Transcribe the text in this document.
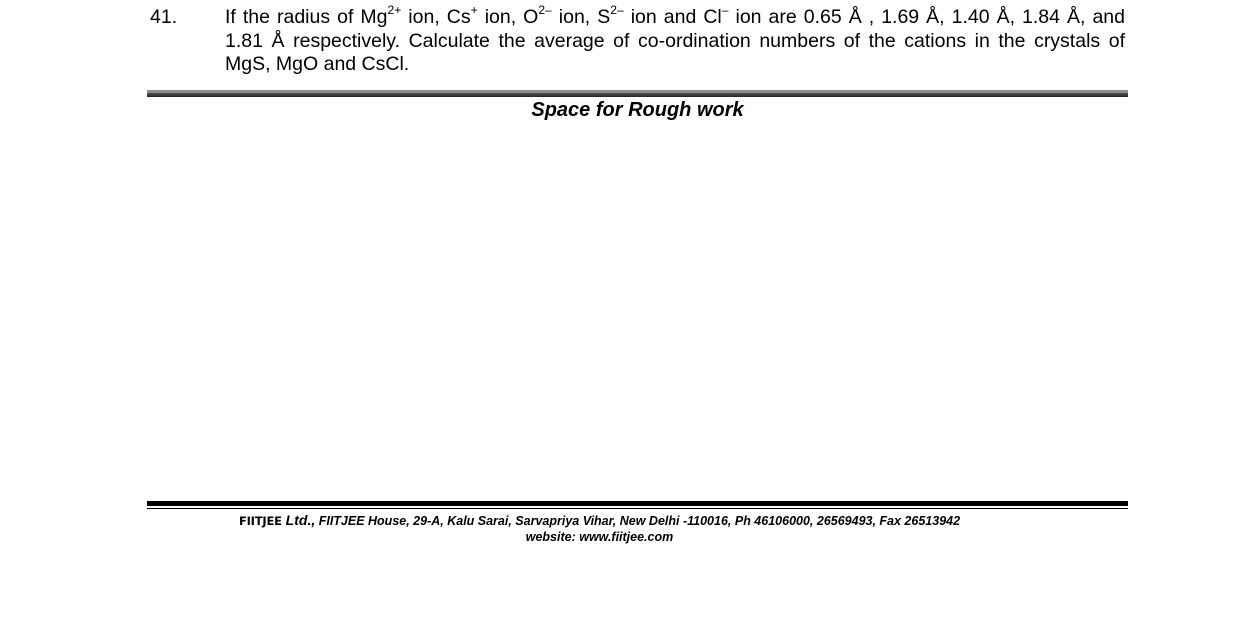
41.	If the radius of $Mg^{2+}$ ion, Cs+ ion, $O^{2-}$ ion, $S^{2-}$ ion and Cl– ion are 0.65 Å , 1.69 Å, 1.40 Å, 1.84 Å, and 1.81 Å respectively. Calculate the average of co-ordination numbers of the cations in the crystals of MgS, MgO and CsCl.
Space for Rough work
FIITJEE Ltd., FIITJEE House, 29-A, Kalu Sarai, Sarvapriya Vihar, New Delhi -110016, Ph 46106000, 26569493, Fax 26513942
website: www.fiitjee.com
